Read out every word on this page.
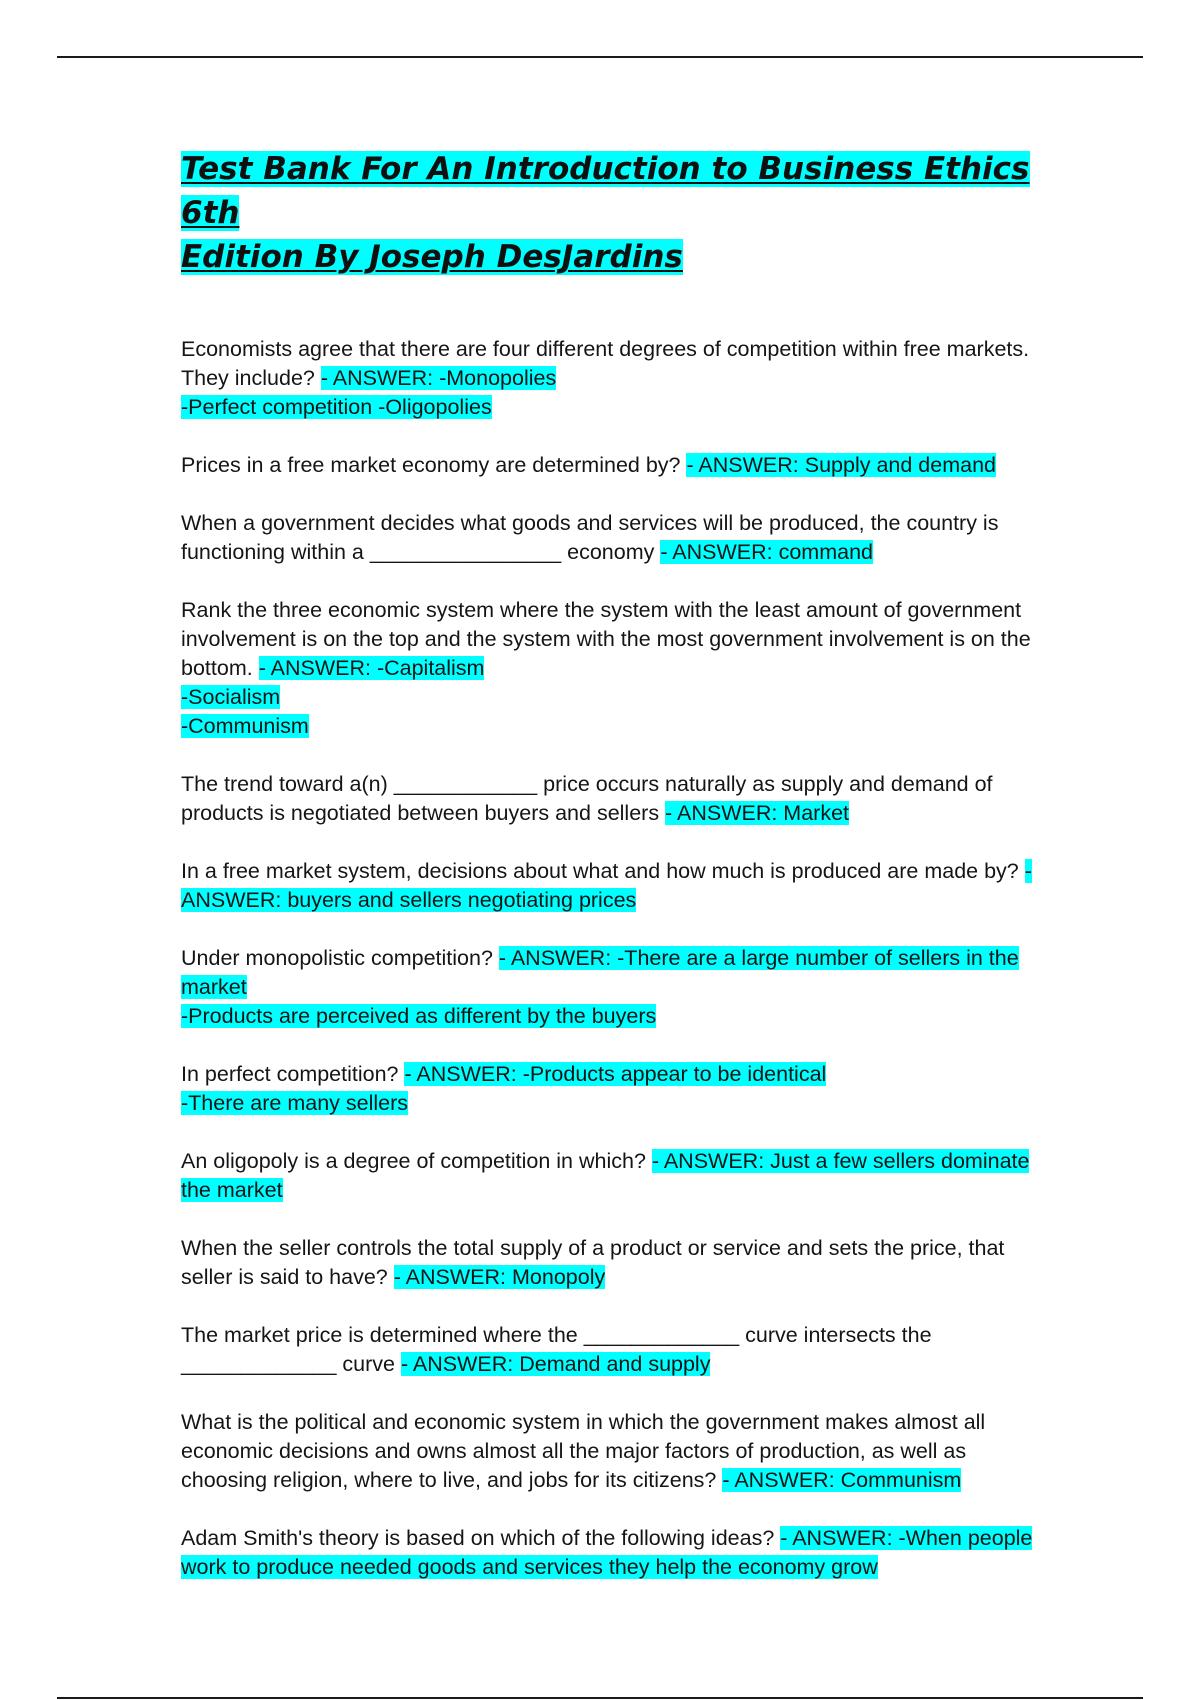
Test Bank For An Introduction to Business Ethics 6th
Edition By Joseph DesJardins

Economists agree that there are four different degrees of competition within free markets. They include? - ANSWER: -Monopolies
-Perfect competition -Oligopolies

Prices in a free market economy are determined by? - ANSWER: Supply and demand

When a government decides what goods and services will be produced, the country is functioning within a ________________ economy - ANSWER: command

Rank the three economic system where the system with the least amount of government involvement is on the top and the system with the most government involvement is on the bottom. - ANSWER: -Capitalism
-Socialism
-Communism

The trend toward a(n) ____________ price occurs naturally as supply and demand of products is negotiated between buyers and sellers - ANSWER: Market

In a free market system, decisions about what and how much is produced are made by? - ANSWER: buyers and sellers negotiating prices

Under monopolistic competition? - ANSWER: -There are a large number of sellers in the market
-Products are perceived as different by the buyers

In perfect competition? - ANSWER: -Products appear to be identical
-There are many sellers

An oligopoly is a degree of competition in which? - ANSWER: Just a few sellers dominate the market

When the seller controls the total supply of a product or service and sets the price, that seller is said to have? - ANSWER: Monopoly

The market price is determined where the _____________ curve intersects the _____________ curve - ANSWER: Demand and supply

What is the political and economic system in which the government makes almost all economic decisions and owns almost all the major factors of production, as well as choosing religion, where to live, and jobs for its citizens? - ANSWER: Communism

Adam Smith's theory is based on which of the following ideas? - ANSWER: -When people work to produce needed goods and services they help the economy grow
